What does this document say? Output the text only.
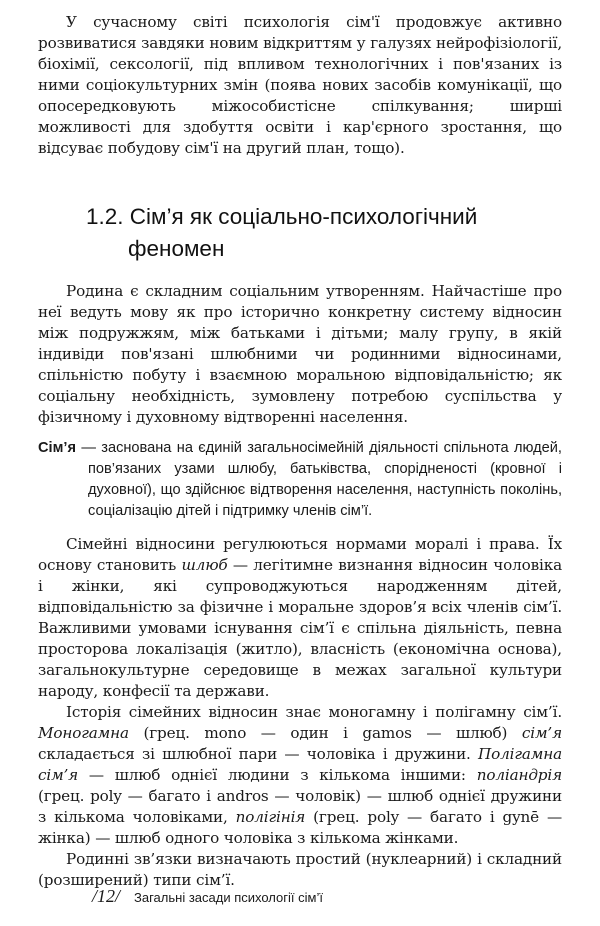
У сучасному світі психологія сім'ї продовжує активно розвиватися завдяки новим відкриттям у галузях нейрофізіології, біохімії, сексології, під впливом технологічних і пов'язаних із ними соціокультурних змін (поява нових засобів комунікації, що опосередковують міжособистісне спілкування; ширші можливості для здобуття освіти і кар'єрного зростання, що відсуває побудову сім'ї на другий план, тощо).

1.2. Сім’я як соціально-психологічний
феномен

Родина є складним соціальним утворенням. Найчастіше про неї ведуть мову як про історично конкретну систему відносин між подружжям, між батьками і дітьми; малу групу, в якій індивіди пов'язані шлюбними чи родинними відносинами, спільністю побуту і взаємною моральною відповідальністю; як соціальну необхідність, зумовлену потребою суспільства у фізичному і духовному відтворенні населення.

Сім’я — заснована на єдиній загальносімейній діяльності спільнота людей, пов’язаних узами шлюбу, батьківства, спорідненості (кровної і духовної), що здійснює відтворення населення, наступність поколінь, соціалізацію дітей і підтримку членів сім’ї.

Сімейні відносини регулюються нормами моралі і права. Їх основу становить шлюб — легітимне визнання відносин чоловіка і жінки, які супроводжуються народженням дітей, відповідальністю за фізичне і моральне здоров’я всіх членів сім’ї. Важливими умовами існування сім’ї є спільна діяльність, певна просторова локалізація (житло), власність (економічна основа), загальнокультурне середовище в межах загальної культури народу, конфесії та держави.

Історія сімейних відносин знає моногамну і полігамну сім’ї. Моногамна (грец. mono — один і gamos — шлюб) сім’я складається зі шлюбної пари — чоловіка і дружини. Полігамна сім’я — шлюб однієї людини з кількома іншими: поліандрія (грец. poly — багато і andros — чоловік) — шлюб однієї дружини з кількома чоловіками, полігінія (грец. poly — багато і gynē — жінка) — шлюб одного чоловіка з кількома жінками.

Родинні зв’язки визначають простий (нуклеарний) і складний (розширений) типи сім’ї.

/12/ Загальні засади психології сім’ї
